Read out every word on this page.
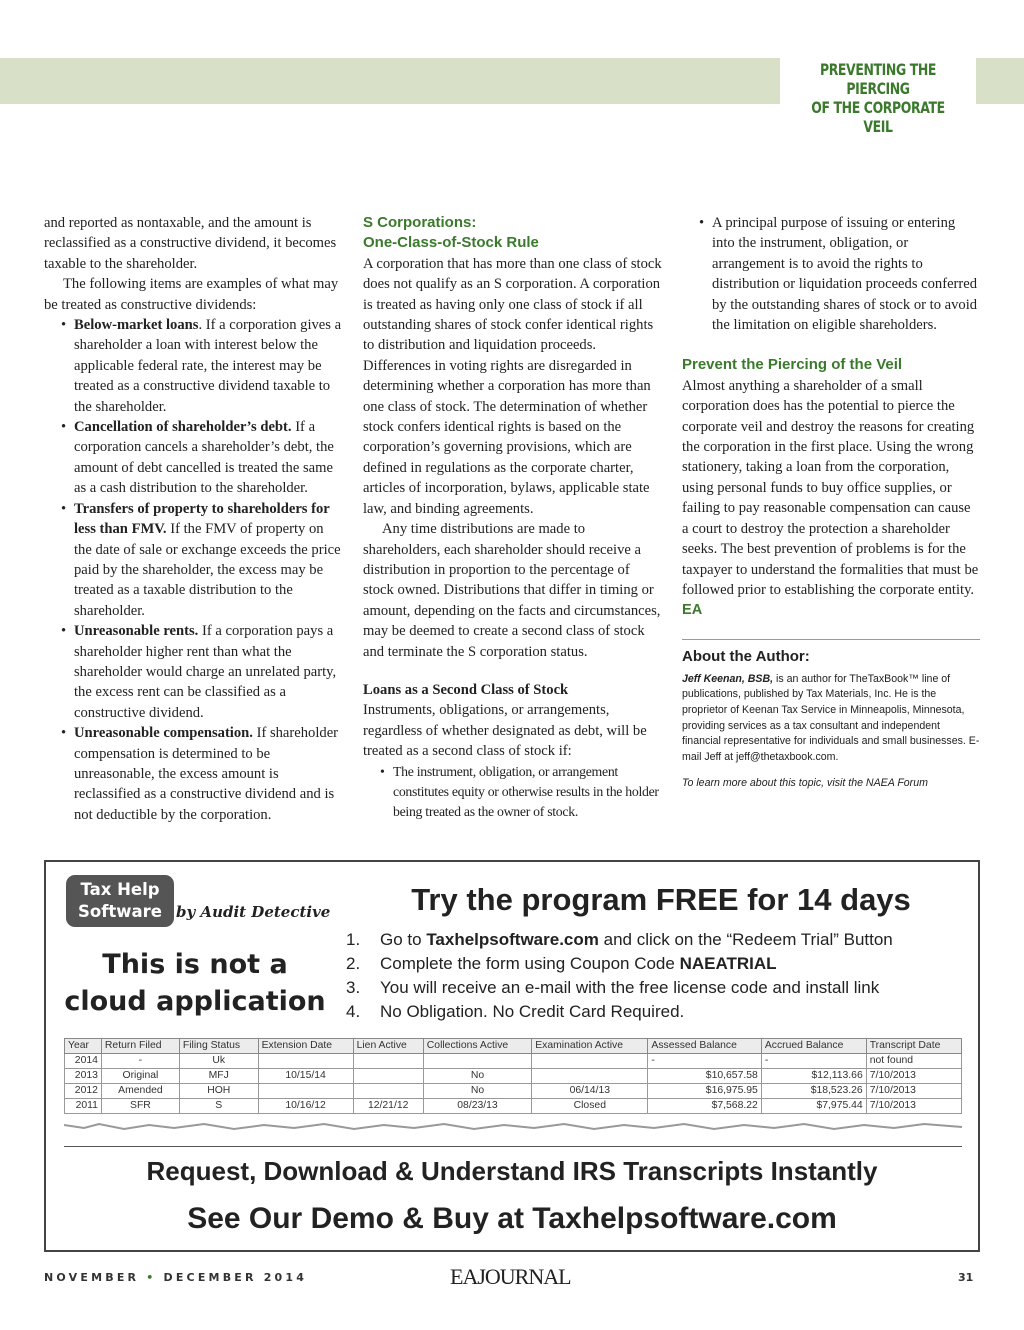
PREVENTING THE PIERCING
OF THE CORPORATE VEIL

and reported as nontaxable, and the amount is reclassified as a constructive dividend, it becomes taxable to the shareholder.

The following items are examples of what may be treated as constructive dividends:

• Below-market loans. If a corporation gives a shareholder a loan with interest below the applicable federal rate, the interest may be treated as a constructive dividend taxable to the shareholder.
• Cancellation of shareholder’s debt. If a corporation cancels a shareholder’s debt, the amount of debt cancelled is treated the same as a cash distribution to the shareholder.
• Transfers of property to shareholders for less than FMV. If the FMV of property on the date of sale or exchange exceeds the price paid by the shareholder, the excess may be treated as a taxable distribution to the shareholder.
• Unreasonable rents. If a corporation pays a shareholder higher rent than what the shareholder would charge an unrelated party, the excess rent can be classified as a constructive dividend.
• Unreasonable compensation. If shareholder compensation is determined to be unreasonable, the excess amount is reclassified as a constructive dividend and is not deductible by the corporation.
S Corporations:
One-Class-of-Stock Rule

A corporation that has more than one class of stock does not qualify as an S corporation. A corporation is treated as having only one class of stock if all outstanding shares of stock confer identical rights to distribution and liquidation proceeds. Differences in voting rights are disregarded in determining whether a corporation has more than one class of stock. The determination of whether stock confers identical rights is based on the corporation’s governing provisions, which are defined in regulations as the corporate charter, articles of incorporation, bylaws, applicable state law, and binding agreements.

Any time distributions are made to shareholders, each shareholder should receive a distribution in proportion to the percentage of stock owned. Distributions that differ in timing or amount, depending on the facts and circumstances, may be deemed to create a second class of stock and terminate the S corporation status.

Loans as a Second Class of Stock

Instruments, obligations, or arrangements, regardless of whether designated as debt, will be treated as a second class of stock if:

• The instrument, obligation, or arrangement constitutes equity or otherwise results in the holder being treated as the owner of stock.
• A principal purpose of issuing or entering into the instrument, obligation, or arrangement is to avoid the rights to distribution or liquidation proceeds conferred by the outstanding shares of stock or to avoid the limitation on eligible shareholders.
Prevent the Piercing of the Veil

Almost anything a shareholder of a small corporation does has the potential to pierce the corporate veil and destroy the reasons for creating the corporation in the first place. Using the wrong stationery, taking a loan from the corporation, using personal funds to buy office supplies, or failing to pay reasonable compensation can cause a court to destroy the protection a shareholder seeks. The best prevention of problems is for the taxpayer to understand the formalities that must be followed prior to establishing the corporate entity. EA

About the Author:
Jeff Keenan, BSB, is an author for TheTaxBook™ line of publications, published by Tax Materials, Inc. He is the proprietor of Keenan Tax Service in Minneapolis, Minnesota, providing services as a tax consultant and independent financial representative for individuals and small businesses. E-mail Jeff at jeff@thetaxbook.com.
To learn more about this topic, visit the NAEA Forum
Tax Help
Software by Audit Detective
This is not a
cloud application
Try the program FREE for 14 days
1.	Go to Taxhelpsoftware.com and click on the “Redeem Trial” Button
2.	Complete the form using Coupon Code NAEATRIAL
3.	You will receive an e-mail with the free license code and install link
4.	No Obligation. No Credit Card Required.
Year	Return Filed	Filing Status	Extension Date	Lien Active	Collections Active	Examination Active	Assessed Balance	Accrued Balance	Transcript Date
2014	-	Uk					-	-	not found
2013	Original	MFJ	10/15/14		No		$10,657.58	$12,113.66	7/10/2013
2012	Amended	HOH			No	06/14/13	$16,975.95	$18,523.26	7/10/2013
2011	SFR	S	10/16/12	12/21/12	08/23/13	Closed	$7,568.22	$7,975.44	7/10/2013
Request, Download & Understand IRS Transcripts Instantly
See Our Demo & Buy at Taxhelpsoftware.com
NOVEMBER • DECEMBER 2014	EAJOURNAL	31
